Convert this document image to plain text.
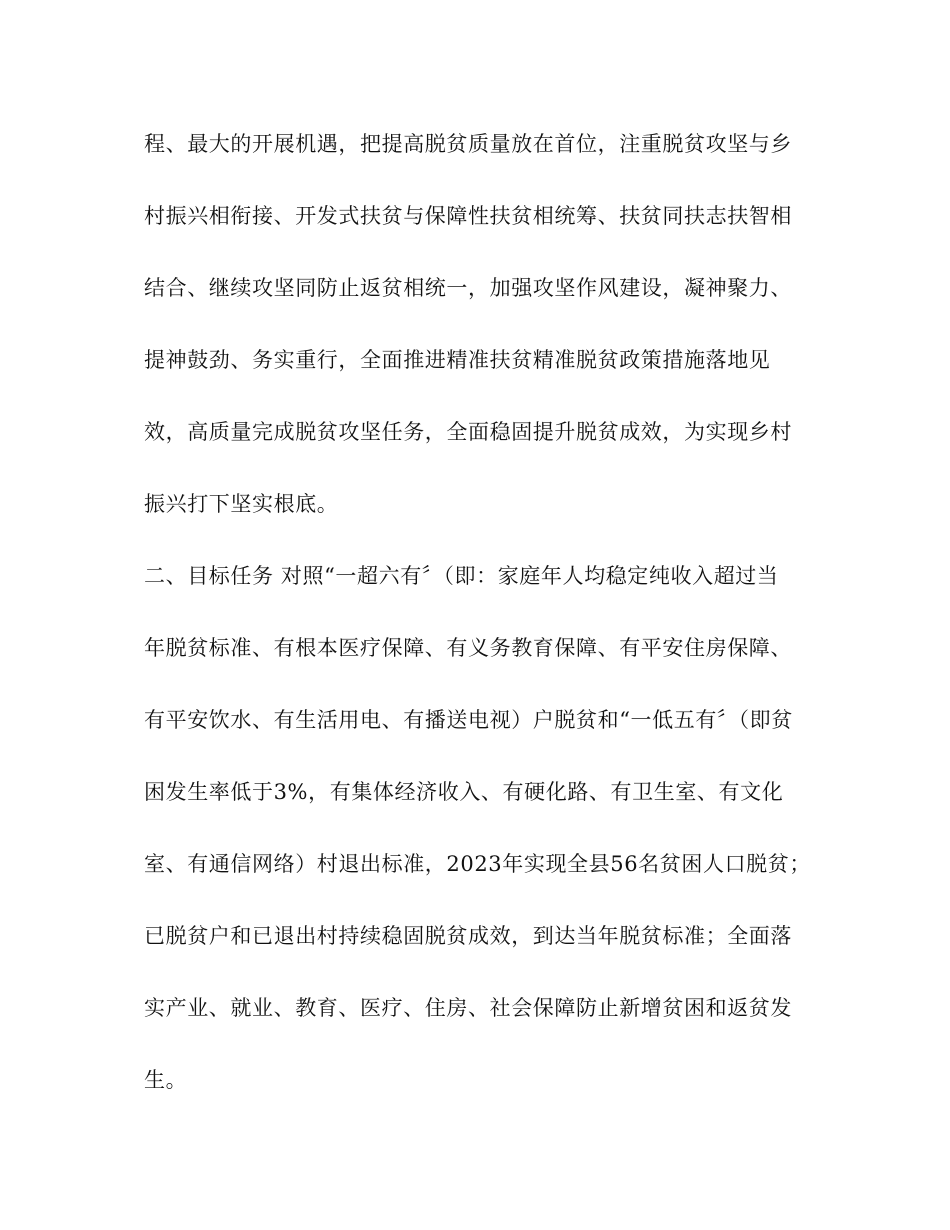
程、最大的开展机遇，把提高脱贫质量放在首位，注重脱贫攻坚与乡
村振兴相衔接、开发式扶贫与保障性扶贫相统筹、扶贫同扶志扶智相
结合、继续攻坚同防止返贫相统一，加强攻坚作风建设，凝神聚力、
提神鼓劲、务实重行，全面推进精准扶贫精准脱贫政策措施落地见
效，高质量完成脱贫攻坚任务，全面稳固提升脱贫成效，为实现乡村
振兴打下坚实根底。
二、目标任务 对照“一超六有〞（即：家庭年人均稳定纯收入超过当
年脱贫标准、有根本医疗保障、有义务教育保障、有平安住房保障、
有平安饮水、有生活用电、有播送电视）户脱贫和“一低五有〞（即贫
困发生率低于3%，有集体经济收入、有硬化路、有卫生室、有文化
室、有通信网络）村退出标准，2023年实现全县56名贫困人口脱贫；
已脱贫户和已退出村持续稳固脱贫成效，到达当年脱贫标准；全面落
实产业、就业、教育、医疗、住房、社会保障防止新增贫困和返贫发
生。
